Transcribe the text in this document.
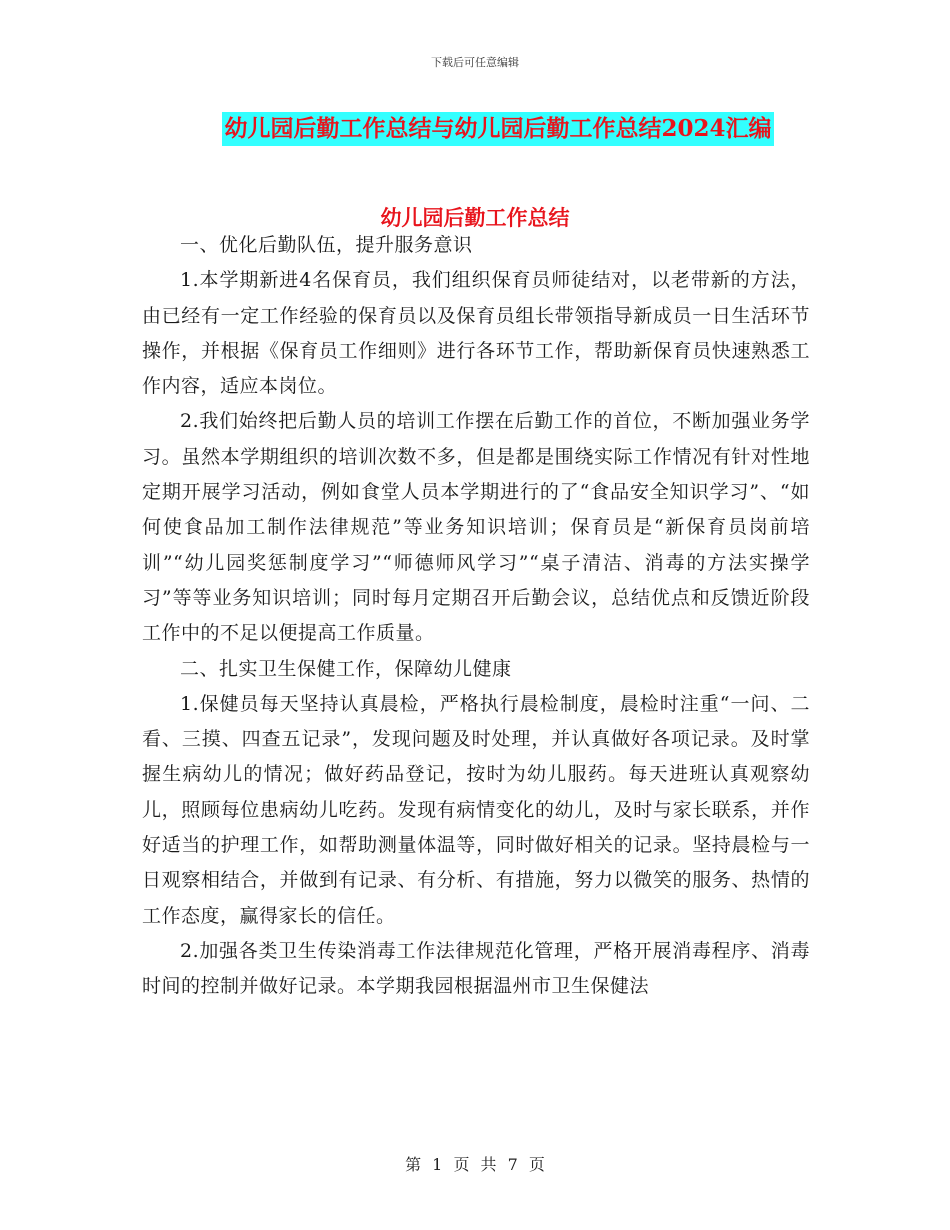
下载后可任意编辑
幼儿园后勤工作总结与幼儿园后勤工作总结2024汇编
幼儿园后勤工作总结

一、优化后勤队伍，提升服务意识

1.本学期新进4名保育员，我们组织保育员师徒结对，以老带新的方法，由已经有一定工作经验的保育员以及保育员组长带领指导新成员一日生活环节操作，并根据《保育员工作细则》进行各环节工作，帮助新保育员快速熟悉工作内容，适应本岗位。

2.我们始终把后勤人员的培训工作摆在后勤工作的首位，不断加强业务学习。虽然本学期组织的培训次数不多，但是都是围绕实际工作情况有针对性地定期开展学习活动，例如食堂人员本学期进行的了“食品安全知识学习”、“如何使食品加工制作法律规范”等业务知识培训；保育员是“新保育员岗前培训”“幼儿园奖惩制度学习”“师德师风学习”“桌子清洁、消毒的方法实操学习”等等业务知识培训；同时每月定期召开后勤会议，总结优点和反馈近阶段工作中的不足以便提高工作质量。

二、扎实卫生保健工作，保障幼儿健康

1.保健员每天坚持认真晨检，严格执行晨检制度，晨检时注重“一问、二看、三摸、四查五记录”，发现问题及时处理，并认真做好各项记录。及时掌握生病幼儿的情况；做好药品登记，按时为幼儿服药。每天进班认真观察幼儿，照顾每位患病幼儿吃药。发现有病情变化的幼儿，及时与家长联系，并作好适当的护理工作，如帮助测量体温等，同时做好相关的记录。坚持晨检与一日观察相结合，并做到有记录、有分析、有措施，努力以微笑的服务、热情的工作态度，赢得家长的信任。

2.加强各类卫生传染消毒工作法律规范化管理，严格开展消毒程序、消毒时间的控制并做好记录。本学期我园根据温州市卫生保健法

第 1 页 共 7 页
